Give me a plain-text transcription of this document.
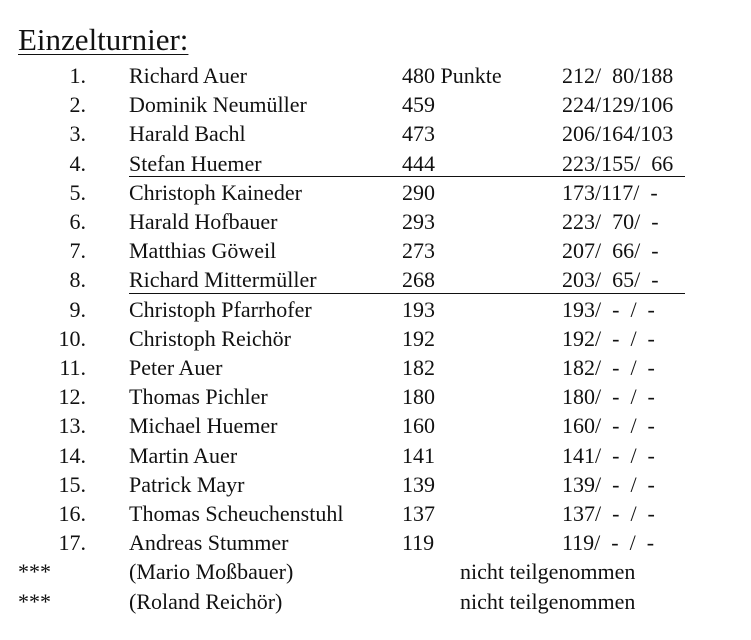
Einzelturnier:
1. Richard Auer	480 Punkte	212/  80/188
2. Dominik Neumüller	459	224/129/106
3. Harald Bachl	473	206/164/103
4. Stefan Huemer	444	223/155/  66
5. Christoph Kaineder	290	173/117/  -
6. Harald Hofbauer	293	223/  70/  -
7. Matthias Göweil	273	207/  66/  -
8. Richard Mittermüller	268	203/  65/  -
9. Christoph Pfarrhofer	193	193/  -  /  -
10. Christoph Reichör	192	192/  -  /  -
11. Peter Auer	182	182/  -  /  -
12. Thomas Pichler	180	180/  -  /  -
13. Michael Huemer	160	160/  -  /  -
14. Martin Auer	141	141/  -  /  -
15. Patrick Mayr	139	139/  -  /  -
16. Thomas Scheuchenstuhl	137	137/  -  /  -
17. Andreas Stummer	119	119/  -  /  -
***	(Mario Moßbauer)	nicht teilgenommen
***	(Roland Reichör)	nicht teilgenommen
